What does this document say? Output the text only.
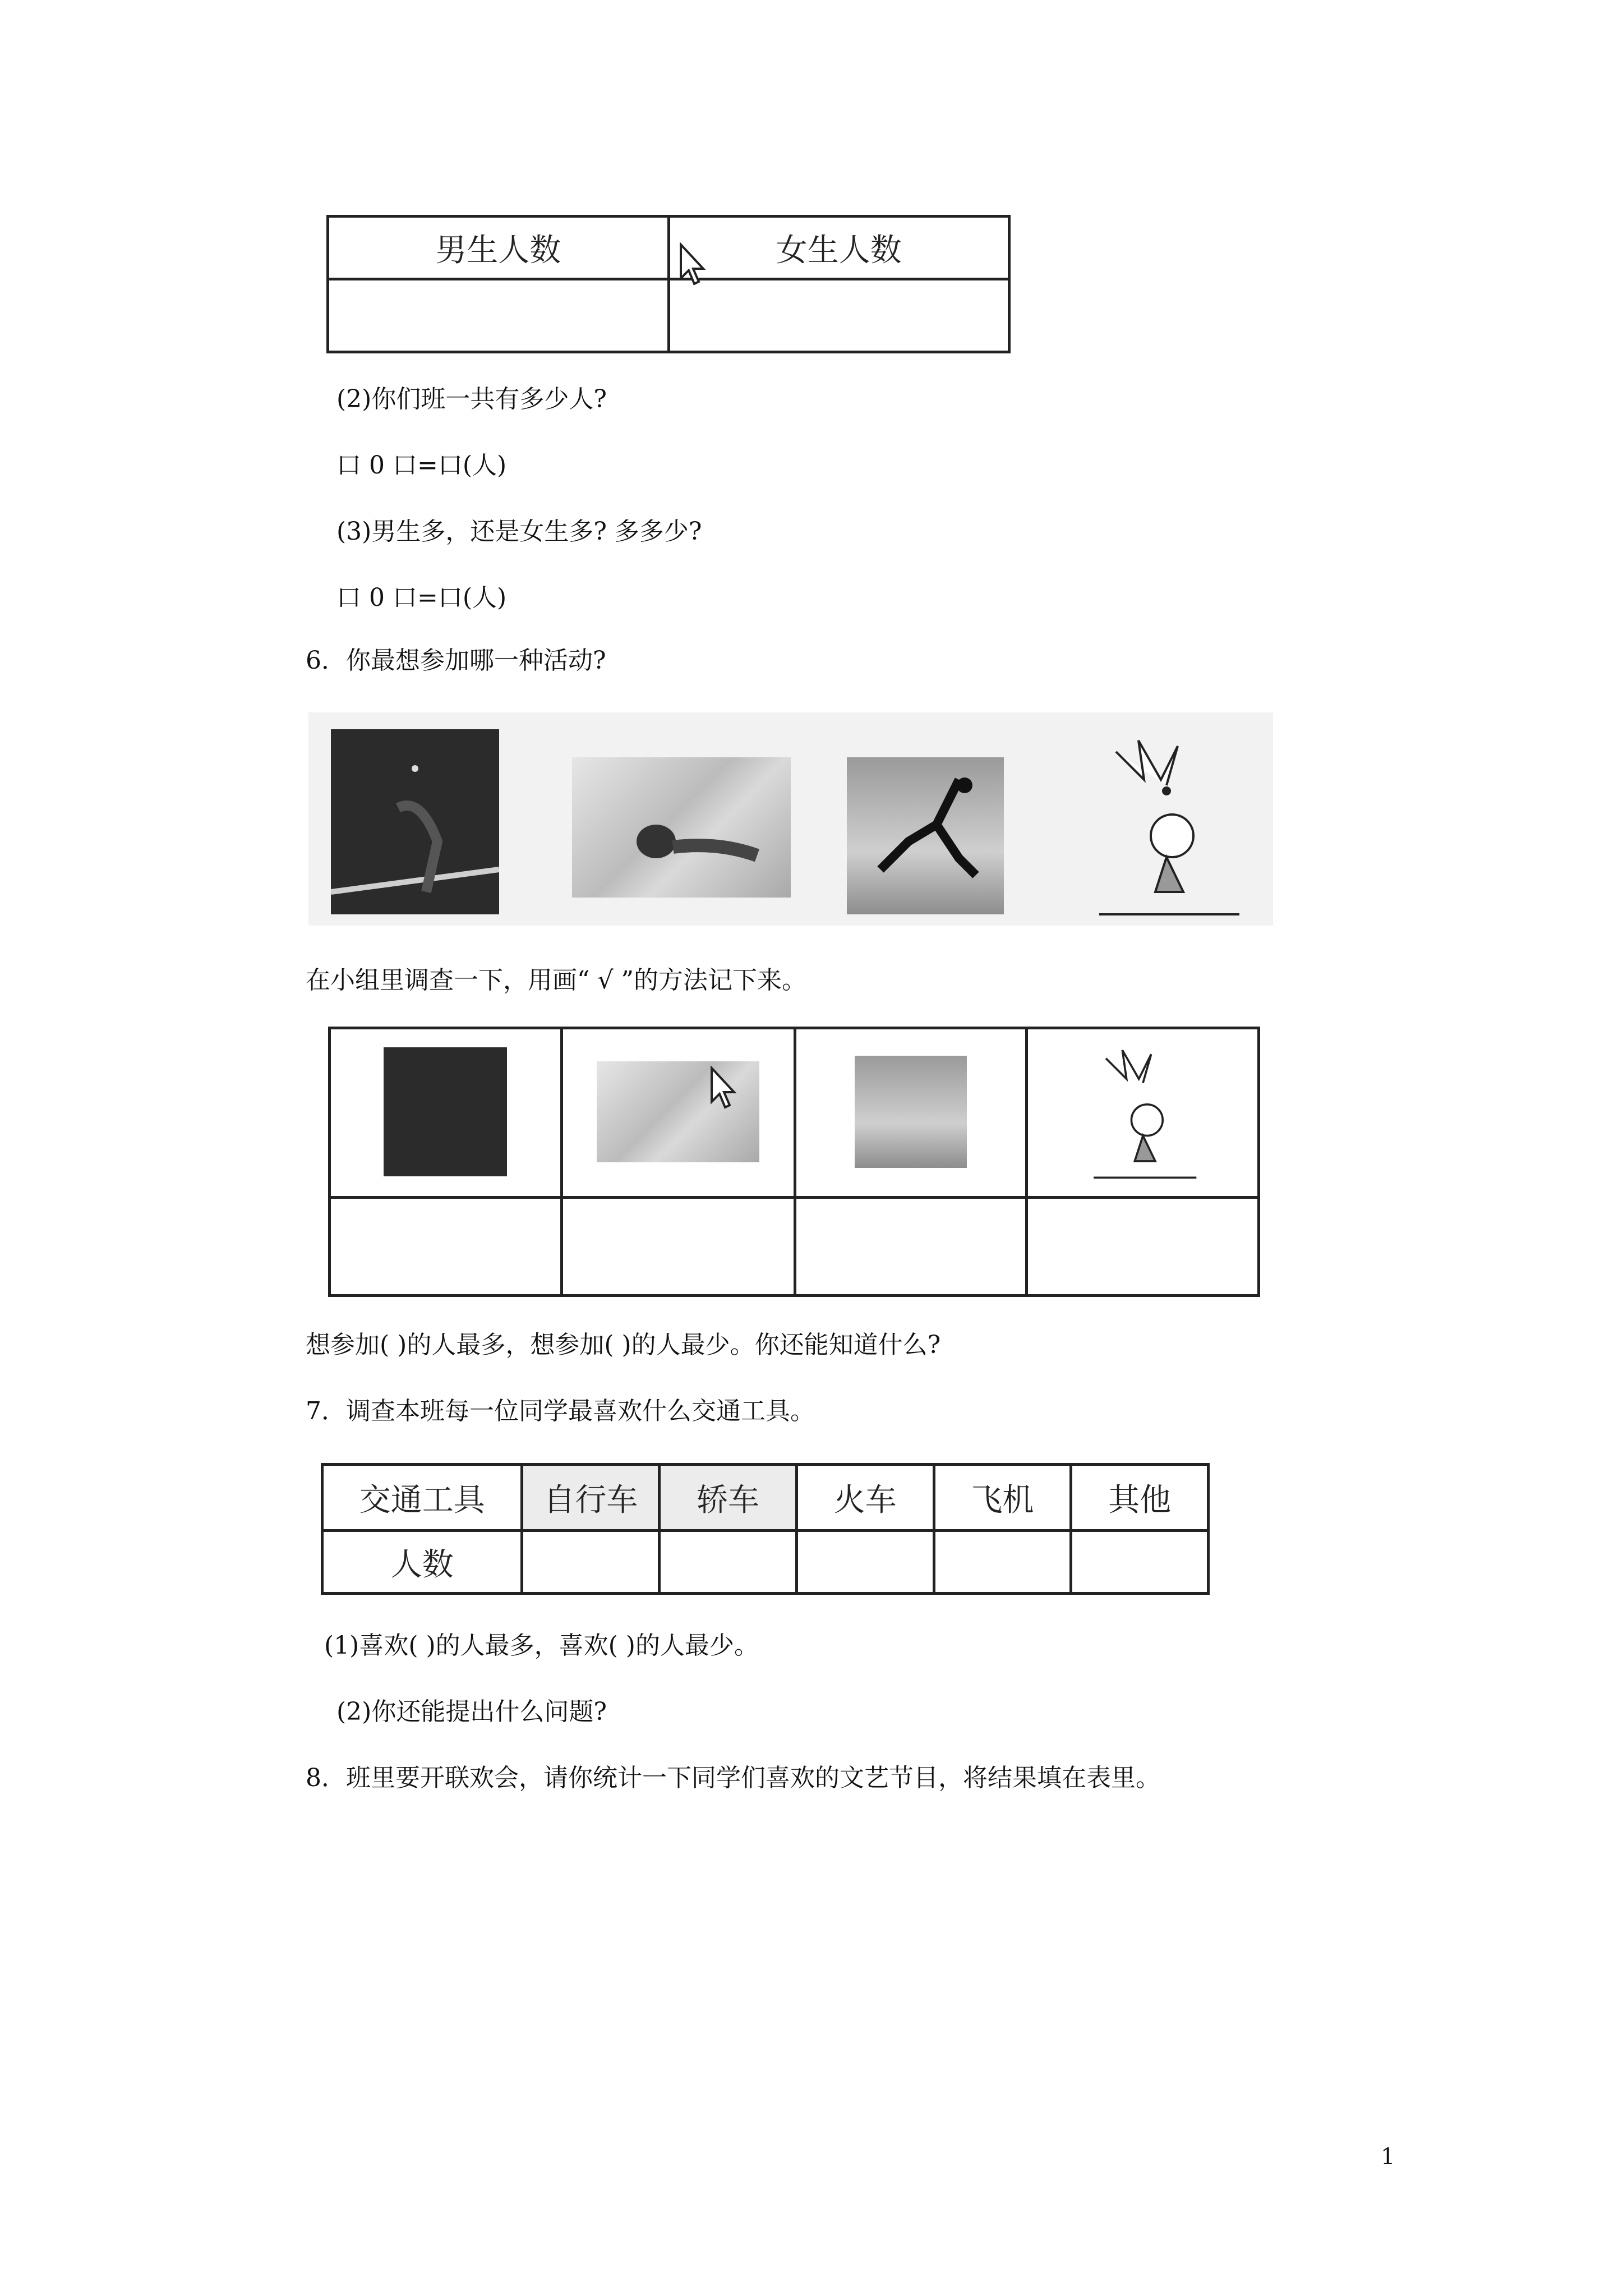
男生人数	女生人数

(2)你们班一共有多少人?
口 0 口=口(人)
(3)男生多，还是女生多? 多多少?
口 0 口=口(人)
6．你最想参加哪一种活动?
在小组里调查一下，用画“ √ ”的方法记下来。

想参加( )的人最多，想参加( )的人最少。你还能知道什么?
7．调查本班每一位同学最喜欢什么交通工具。
交通工具	自行车	轿车	火车	飞机	其他
人数					
(1)喜欢( )的人最多，喜欢( )的人最少。
(2)你还能提出什么问题?
8．班里要开联欢会，请你统计一下同学们喜欢的文艺节目，将结果填在表里。
1
